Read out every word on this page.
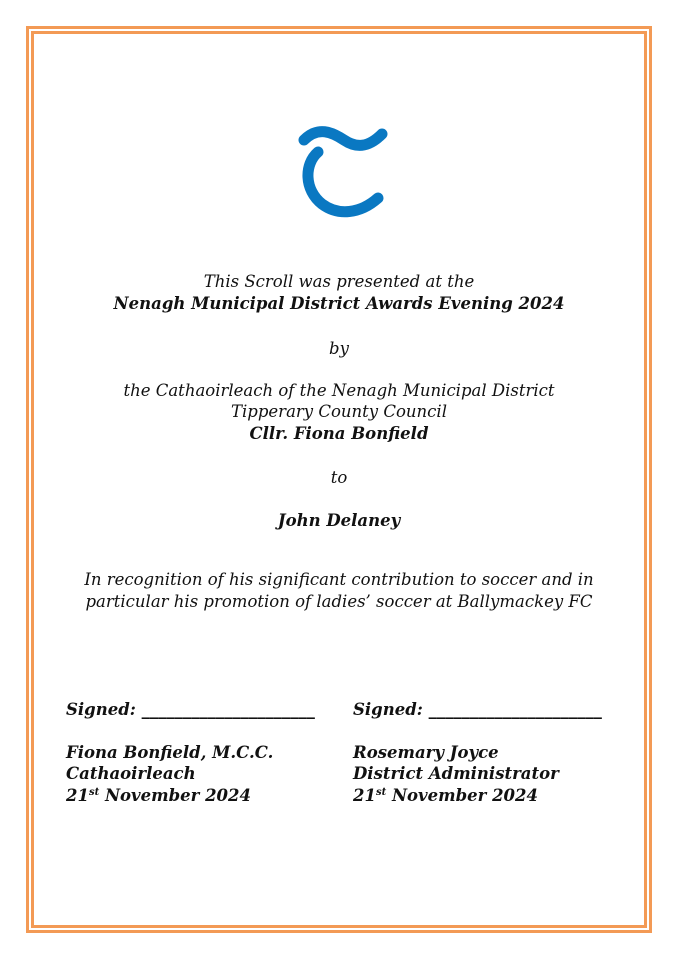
This Scroll was presented at the
Nenagh Municipal District Awards Evening 2024
by
the Cathaoirleach of the Nenagh Municipal District
Tipperary County Council
Cllr. Fiona Bonfield
to
John Delaney
In recognition of his significant contribution to soccer and in
particular his promotion of ladies’ soccer at Ballymackey FC
Signed: _____________________
Fiona Bonfield, M.C.C.
Cathaoirleach
21st November 2024
Signed: _____________________
Rosemary Joyce
District Administrator
21st November 2024
